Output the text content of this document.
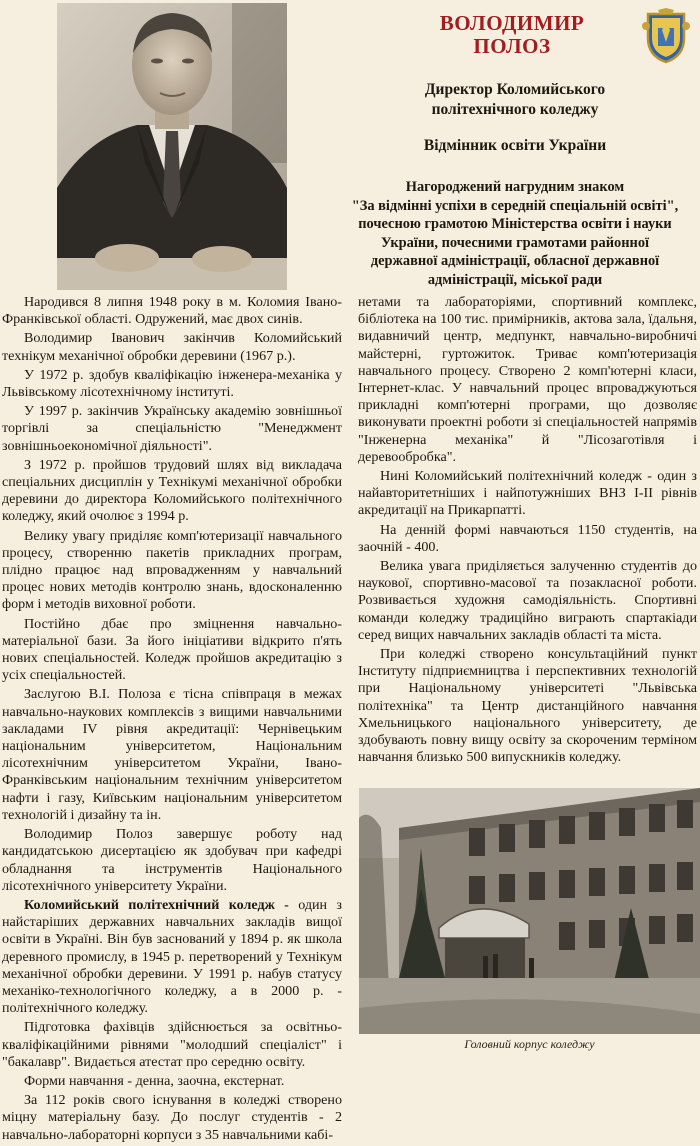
ВОЛОДИМИР
ПОЛОЗ
Директор Коломийського
політехнічного коледжу
Відмінник освіти України
Нагороджений нагрудним знаком
"За відмінні успіхи в середній спеціальній освіті",
почесною грамотою Міністерства освіти і науки
України, почесними грамотами районної
державної адміністрації, обласної державної
адміністрації, міської ради

Народився 8 липня 1948 року в м. Коломия Івано-Франківської області. Одружений, має двох синів.

Володимир Іванович закінчив Коломийський технікум механічної обробки деревини (1967 р.).

У 1972 р. здобув кваліфікацію інженера-механіка у Львівському лісотехнічному інституті.

У 1997 р. закінчив Українську академію зовнішньої торгівлі за спеціальністю "Менеджмент зовнішньоекономічної діяльності".

З 1972 р. пройшов трудовий шлях від викладача спеціальних дисциплін у Технікумі механічної обробки деревини до директора Коломийського політехнічного коледжу, який очолює з 1994 р.

Велику увагу приділяє комп'ютеризації навчального процесу, створенню пакетів прикладних програм, плідно працює над впровадженням у навчальний процес нових методів контролю знань, вдосконаленню форм і методів виховної роботи.

Постійно дбає про зміцнення навчально-матеріальної бази. За його ініціативи відкрито п'ять нових спеціальностей. Коледж пройшов акредитацію з усіх спеціальностей.

Заслугою В.І. Полоза є тісна співпраця в межах навчально-наукових комплексів з вищими навчальними закладами IV рівня акредитації: Чернівецьким національним університетом, Національним лісотехнічним університетом України, Івано-Франківським національним технічним університетом нафти і газу, Київським національним університетом технологій і дизайну та ін.

Володимир Полоз завершує роботу над кандидатською дисертацією як здобувач при кафедрі обладнання та інструментів Національного лісотехнічного університету України.

Коломийський політехнічний коледж - один з найстаріших державних навчальних закладів вищої освіти в Україні. Він був заснований у 1894 р. як школа деревного промислу, в 1945 р. перетворений у Технікум механічної обробки деревини. У 1991 р. набув статусу механіко-технологічного коледжу, а в 2000 р. - політехнічного коледжу.

Підготовка фахівців здійснюється за освітньо-кваліфікаційними рівнями "молодший спеціаліст" і "бакалавр". Видається атестат про середню освіту.

Форми навчання - денна, заочна, екстернат.

За 112 років свого існування в коледжі створено міцну матеріальну базу. До послуг студентів - 2 навчально-лабораторні корпуси з 35 навчальними кабі-

нетами та лабораторіями, спортивний комплекс, бібліотека на 100 тис. примірників, актова зала, їдальня, видавничий центр, медпункт, навчально-виробничі майстерні, гуртожиток. Триває комп'ютеризація навчального процесу. Створено 2 комп'ютерні класи, Інтернет-клас. У навчальний процес впроваджуються прикладні комп'ютерні програми, що дозволяє виконувати проектні роботи зі спеціальностей напрямів "Інженерна механіка" й "Лісозаготівля і деревообробка".

Нині Коломийський політехнічний коледж - один з найавторитетніших і найпотужніших ВНЗ I-II рівнів акредитації на Прикарпатті.

На денній формі навчаються 1150 студентів, на заочній - 400.

Велика увага приділяється залученню студентів до наукової, спортивно-масової та позакласної роботи. Розвивається художня самодіяльність. Спортивні команди коледжу традиційно виграють спартакіади серед вищих навчальних закладів області та міста.

При коледжі створено консультаційний пункт Інституту підприємництва і перспективних технологій при Національному університеті "Львівська політехніка" та Центр дистанційного навчання Хмельницького національного університету, де здобувають повну вищу освіту за скороченим терміном навчання близько 500 випускників коледжу.

Головний корпус коледжу
